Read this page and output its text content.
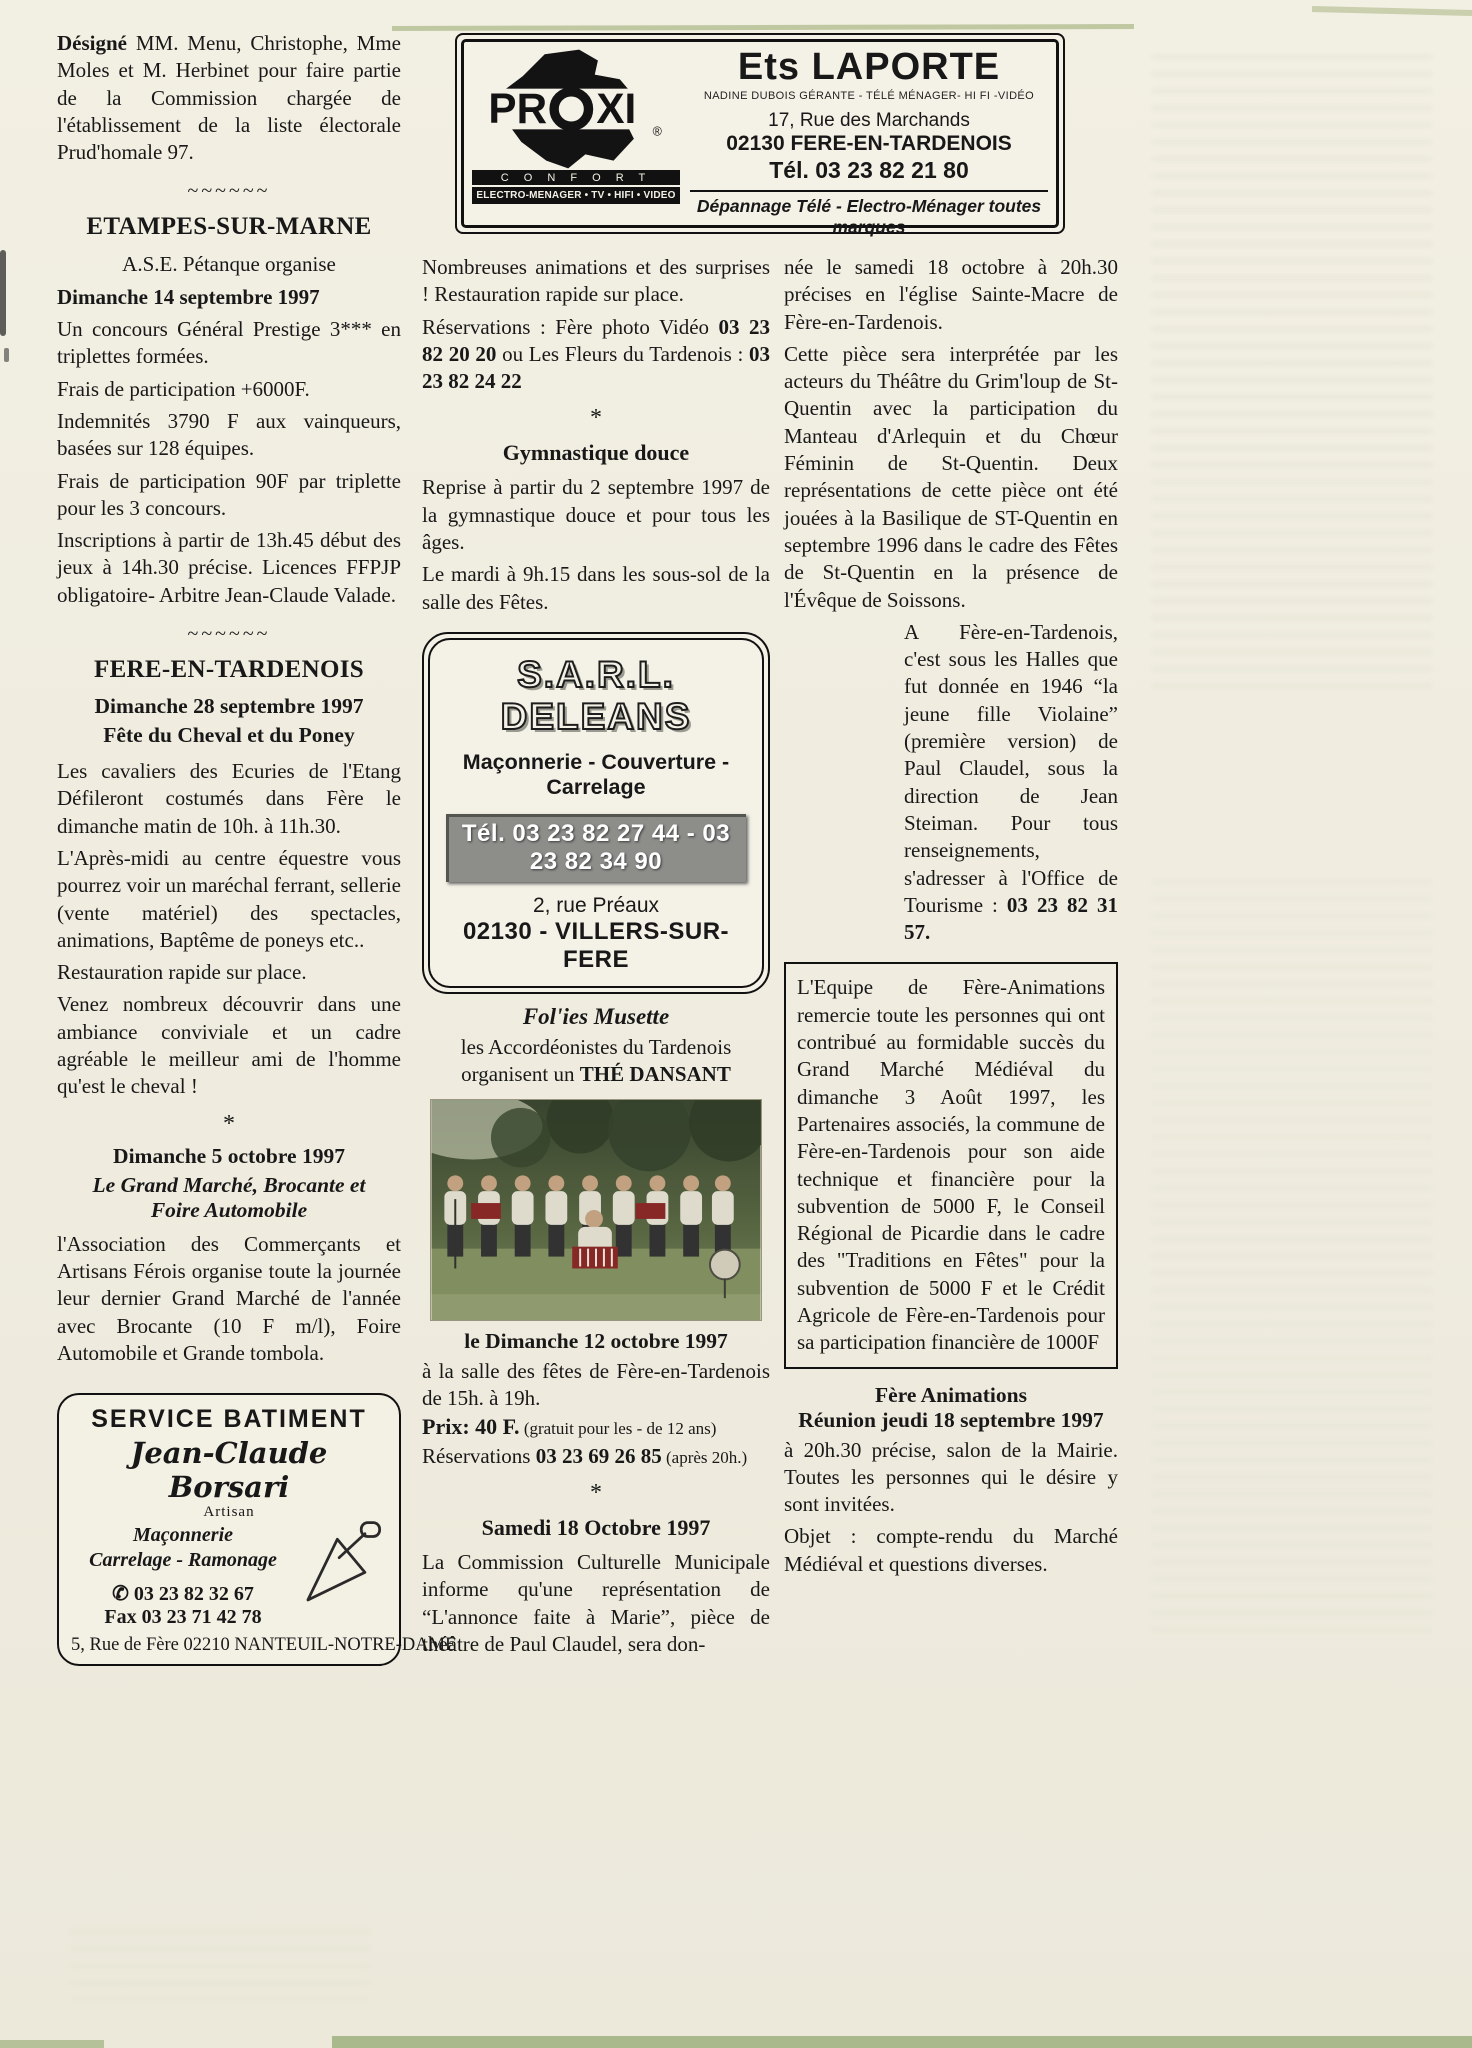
Désigné MM. Menu, Christophe, Mme Moles et M. Herbinet pour faire partie de la Commission chargée de l'établissement de la liste électorale Prud'homale 97.

~~~~~~
ETAMPES-SUR-MARNE

A.S.E. Pétanque organise

Dimanche 14 septembre 1997

Un concours Général Prestige 3*** en triplettes formées.

Frais de participation +6000F.

Indemnités 3790 F aux vainqueurs, basées sur 128 équipes.

Frais de participation 90F par triplette pour les 3 concours.

Inscriptions à partir de 13h.45 début des jeux à 14h.30 précise. Licences FFPJP obligatoire- Arbitre Jean-Claude Valade.

~~~~~~
FERE-EN-TARDENOIS

Dimanche 28 septembre 1997

Fête du Cheval et du Poney

Les cavaliers des Ecuries de l'Etang Défileront costumés dans Fère le dimanche matin de 10h. à 11h.30.

L'Après-midi au centre équestre vous pourrez voir un maréchal ferrant, sellerie (vente matériel) des spectacles, animations, Baptême de poneys etc..

Restauration rapide sur place.

Venez nombreux découvrir dans une ambiance conviviale et un cadre agréable le meilleur ami de l'homme qu'est le cheval !

*

Dimanche 5 octobre 1997

Le Grand Marché, Brocante et

Foire Automobile

l'Association des Commerçants et Artisans Férois organise toute la journée leur dernier Grand Marché de l'année avec Brocante (10 F m/l), Foire Automobile et Grande tombola.

SERVICE BATIMENT
Jean-Claude Borsari
Artisan
Maçonnerie
Carrelage - Ramonage
✆ 03 23 82 32 67
Fax 03 23 71 42 78
5, Rue de Fère 02210 NANTEUIL-NOTRE-DAME
PR XI ®
C O N F O R T
ELECTRO-MENAGER • TV • HIFI • VIDEO
Ets LAPORTE
NADINE DUBOIS GÉRANTE - TÉLÉ MÉNAGER- HI FI -VIDÉO
17, Rue des Marchands
02130 FERE-EN-TARDENOIS
Tél. 03 23 82 21 80
Dépannage Télé - Electro-Ménager toutes marques

Nombreuses animations et des surprises ! Restauration rapide sur place.

Réservations : Fère photo Vidéo 03 23 82 20 20 ou Les Fleurs du Tardenois : 03 23 82 24 22

*
Gymnastique douce

Reprise à partir du 2 septembre 1997 de la gymnastique douce et pour tous les âges.

Le mardi à 9h.15 dans les sous-sol de la salle des Fêtes.

S.A.R.L. DELEANS
Maçonnerie - Couverture - Carrelage
Tél. 03 23 82 27 44 - 03 23 82 34 90
2, rue Préaux
02130 - VILLERS-SUR-FERE

Fol'ies Musette

les Accordéonistes du Tardenois

organisent un THÉ DANSANT

le Dimanche 12 octobre 1997

à la salle des fêtes de Fère-en-Tardenois de 15h. à 19h.

Prix: 40 F. (gratuit pour les - de 12 ans)

Réservations 03 23 69 26 85 (après 20h.)

*
Samedi 18 Octobre 1997

La Commission Culturelle Municipale informe qu'une représentation de “L'annonce faite à Marie”, pièce de théâtre de Paul Claudel, sera don-

née le samedi 18 octobre à 20h.30 précises en l'église Sainte-Macre de Fère-en-Tardenois.

Cette pièce sera interprétée par les acteurs du Théâtre du Grim'loup de St-Quentin avec la participation du Manteau d'Arlequin et du Chœur Féminin de St-Quentin. Deux représentations de cette pièce ont été jouées à la Basilique de ST-Quentin en septembre 1996 dans le cadre des Fêtes de St-Quentin en la présence de l'Évêque de Soissons.

A Fère-en-Tardenois, c'est sous les Halles que fut donnée en 1946 “la jeune fille Violaine” (première version) de Paul Claudel, sous la direction de Jean Steiman. Pour tous renseignements, s'adresser à l'Office de Tourisme : 03 23 82 31 57.

L'Equipe de Fère-Animations remercie toute les personnes qui ont contribué au formidable succès du Grand Marché Médiéval du dimanche 3 Août 1997, les Partenaires associés, la commune de Fère-en-Tardenois pour son aide technique et financière pour la subvention de 5000 F, le Conseil Régional de Picardie dans le cadre des "Traditions en Fêtes" pour la subvention de 5000 F et le Crédit Agricole de Fère-en-Tardenois pour sa participation financière de 1000F

Fère Animations

Réunion jeudi 18 septembre 1997

à 20h.30 précise, salon de la Mairie. Toutes les personnes qui le désire y sont invitées.

Objet : compte-rendu du Marché Médiéval et questions diverses.
